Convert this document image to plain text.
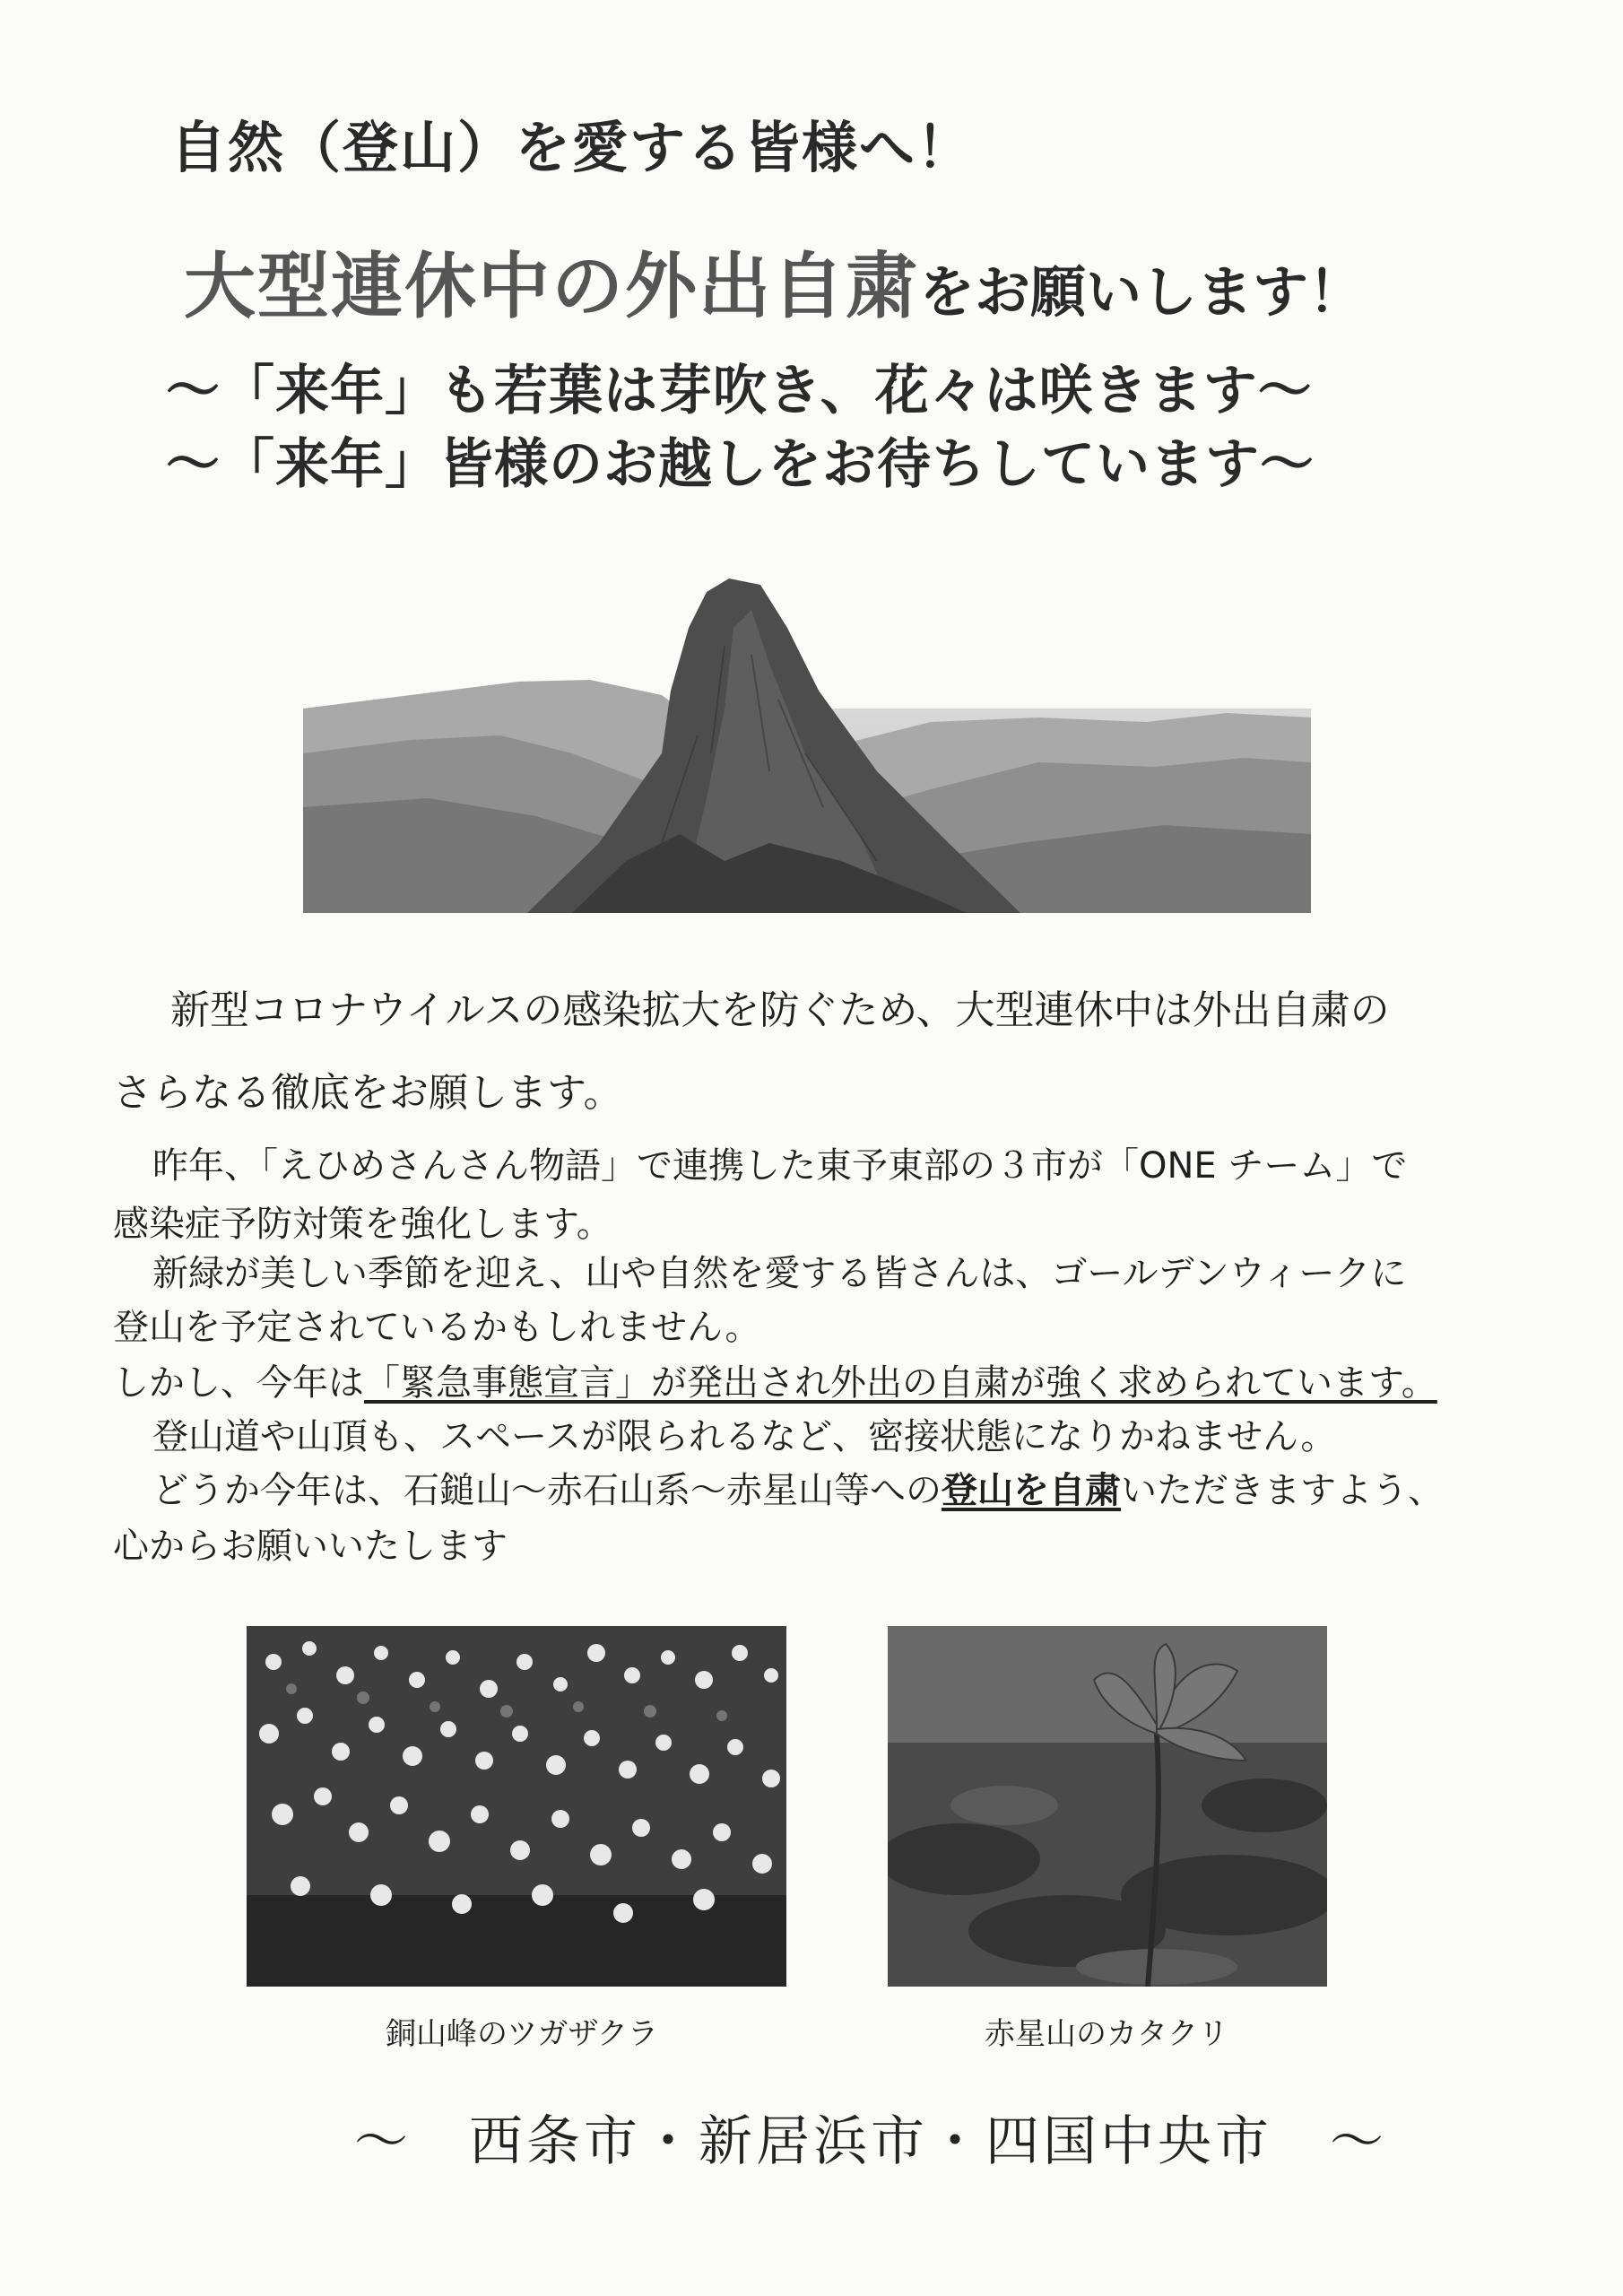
自然（登山）を愛する皆様へ！
大型連休中の外出自粛をお願いします！
～「来年」も若葉は芽吹き、花々は咲きます～
～「来年」皆様のお越しをお待ちしています～
新型コロナウイルスの感染拡大を防ぐため、大型連休中は外出自粛の
さらなる徹底をお願します。
昨年、「えひめさんさん物語」で連携した東予東部の３市が「ONE チーム」で
感染症予防対策を強化します。
新緑が美しい季節を迎え、山や自然を愛する皆さんは、ゴールデンウィークに
登山を予定されているかもしれません。
しかし、今年は「緊急事態宣言」が発出され外出の自粛が強く求められています。
登山道や山頂も、スペースが限られるなど、密接状態になりかねません。
どうか今年は、石鎚山～赤石山系～赤星山等への登山を自粛いただきますよう、
心からお願いいたします
銅山峰のツガザクラ	赤星山のカタクリ
～　西条市・新居浜市・四国中央市　～
